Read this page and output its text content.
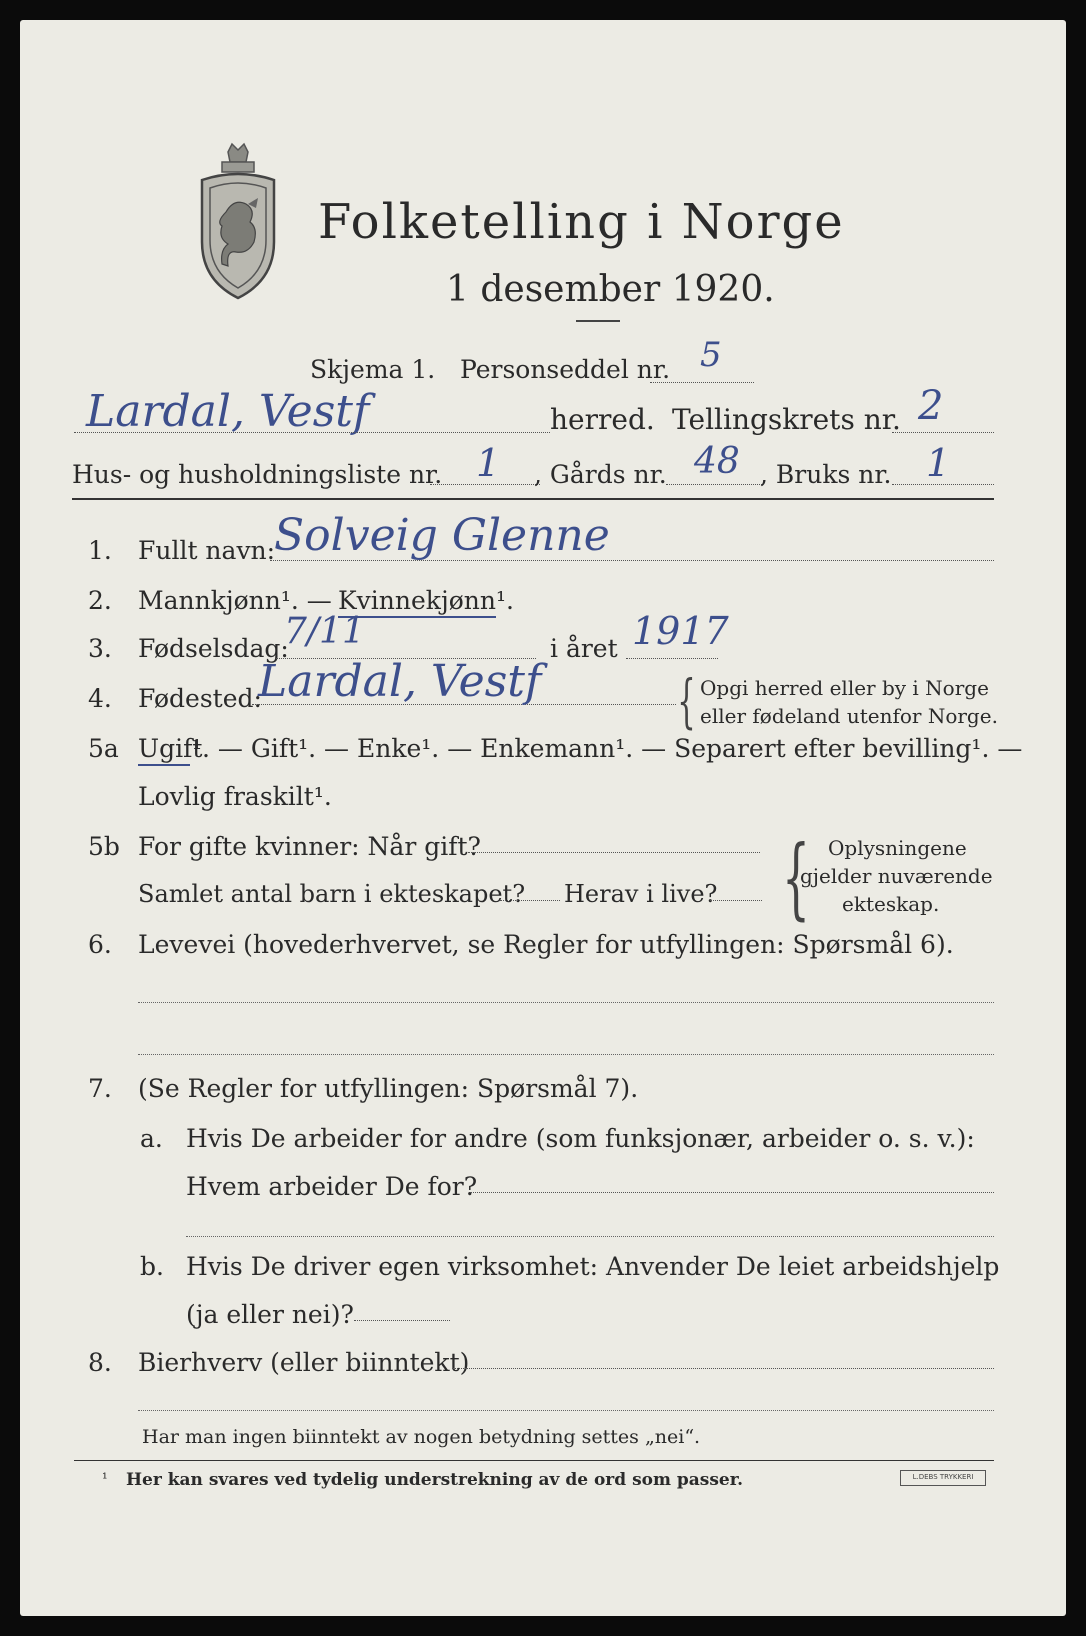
Folketelling i Norge
1 desember 1920.
Skjema 1. Personseddel nr. 5
Lardal, Vestf	herred. Tellingskrets nr. 2
Hus- og husholdningsliste nr. 1 , Gårds nr. 48 , Bruks nr. 1
1. Fullt navn:
Solveig Glenne
2. Mannkjønn¹. — Kvinnekjønn¹.
3. Fødselsdag:
7/11	i året 1917
4. Fødested:
Lardal, Vestf { Opgi herred eller by i Norge
eller fødeland utenfor Norge.
5a Ugift
¹. — Gift¹. — Enke¹. — Enkemann¹. — Separert efter bevilling¹. —
Lovlig fraskilt¹.
5b For gifte kvinner: Når gift?
Samlet antal barn i ekteskapet? Herav i live? { Oplysningene
gjelder nuværende
ekteskap.
6. Levevei (hovederhvervet, se Regler for utfyllingen: Spørsmål 6).
7. (Se Regler for utfyllingen: Spørsmål 7).
a. Hvis De arbeider for andre (som funksjonær, arbeider o. s. v.):
Hvem arbeider De for?
b. Hvis De driver egen virksomhet: Anvender De leiet arbeidshjelp
(ja eller nei)?
8. Bierhverv (eller biinntekt)
Har man ingen biinntekt av nogen betydning settes „nei“.
¹ Her kan svares ved tydelig understrekning av de ord som passer.	L.DEBS TRYKKERI
